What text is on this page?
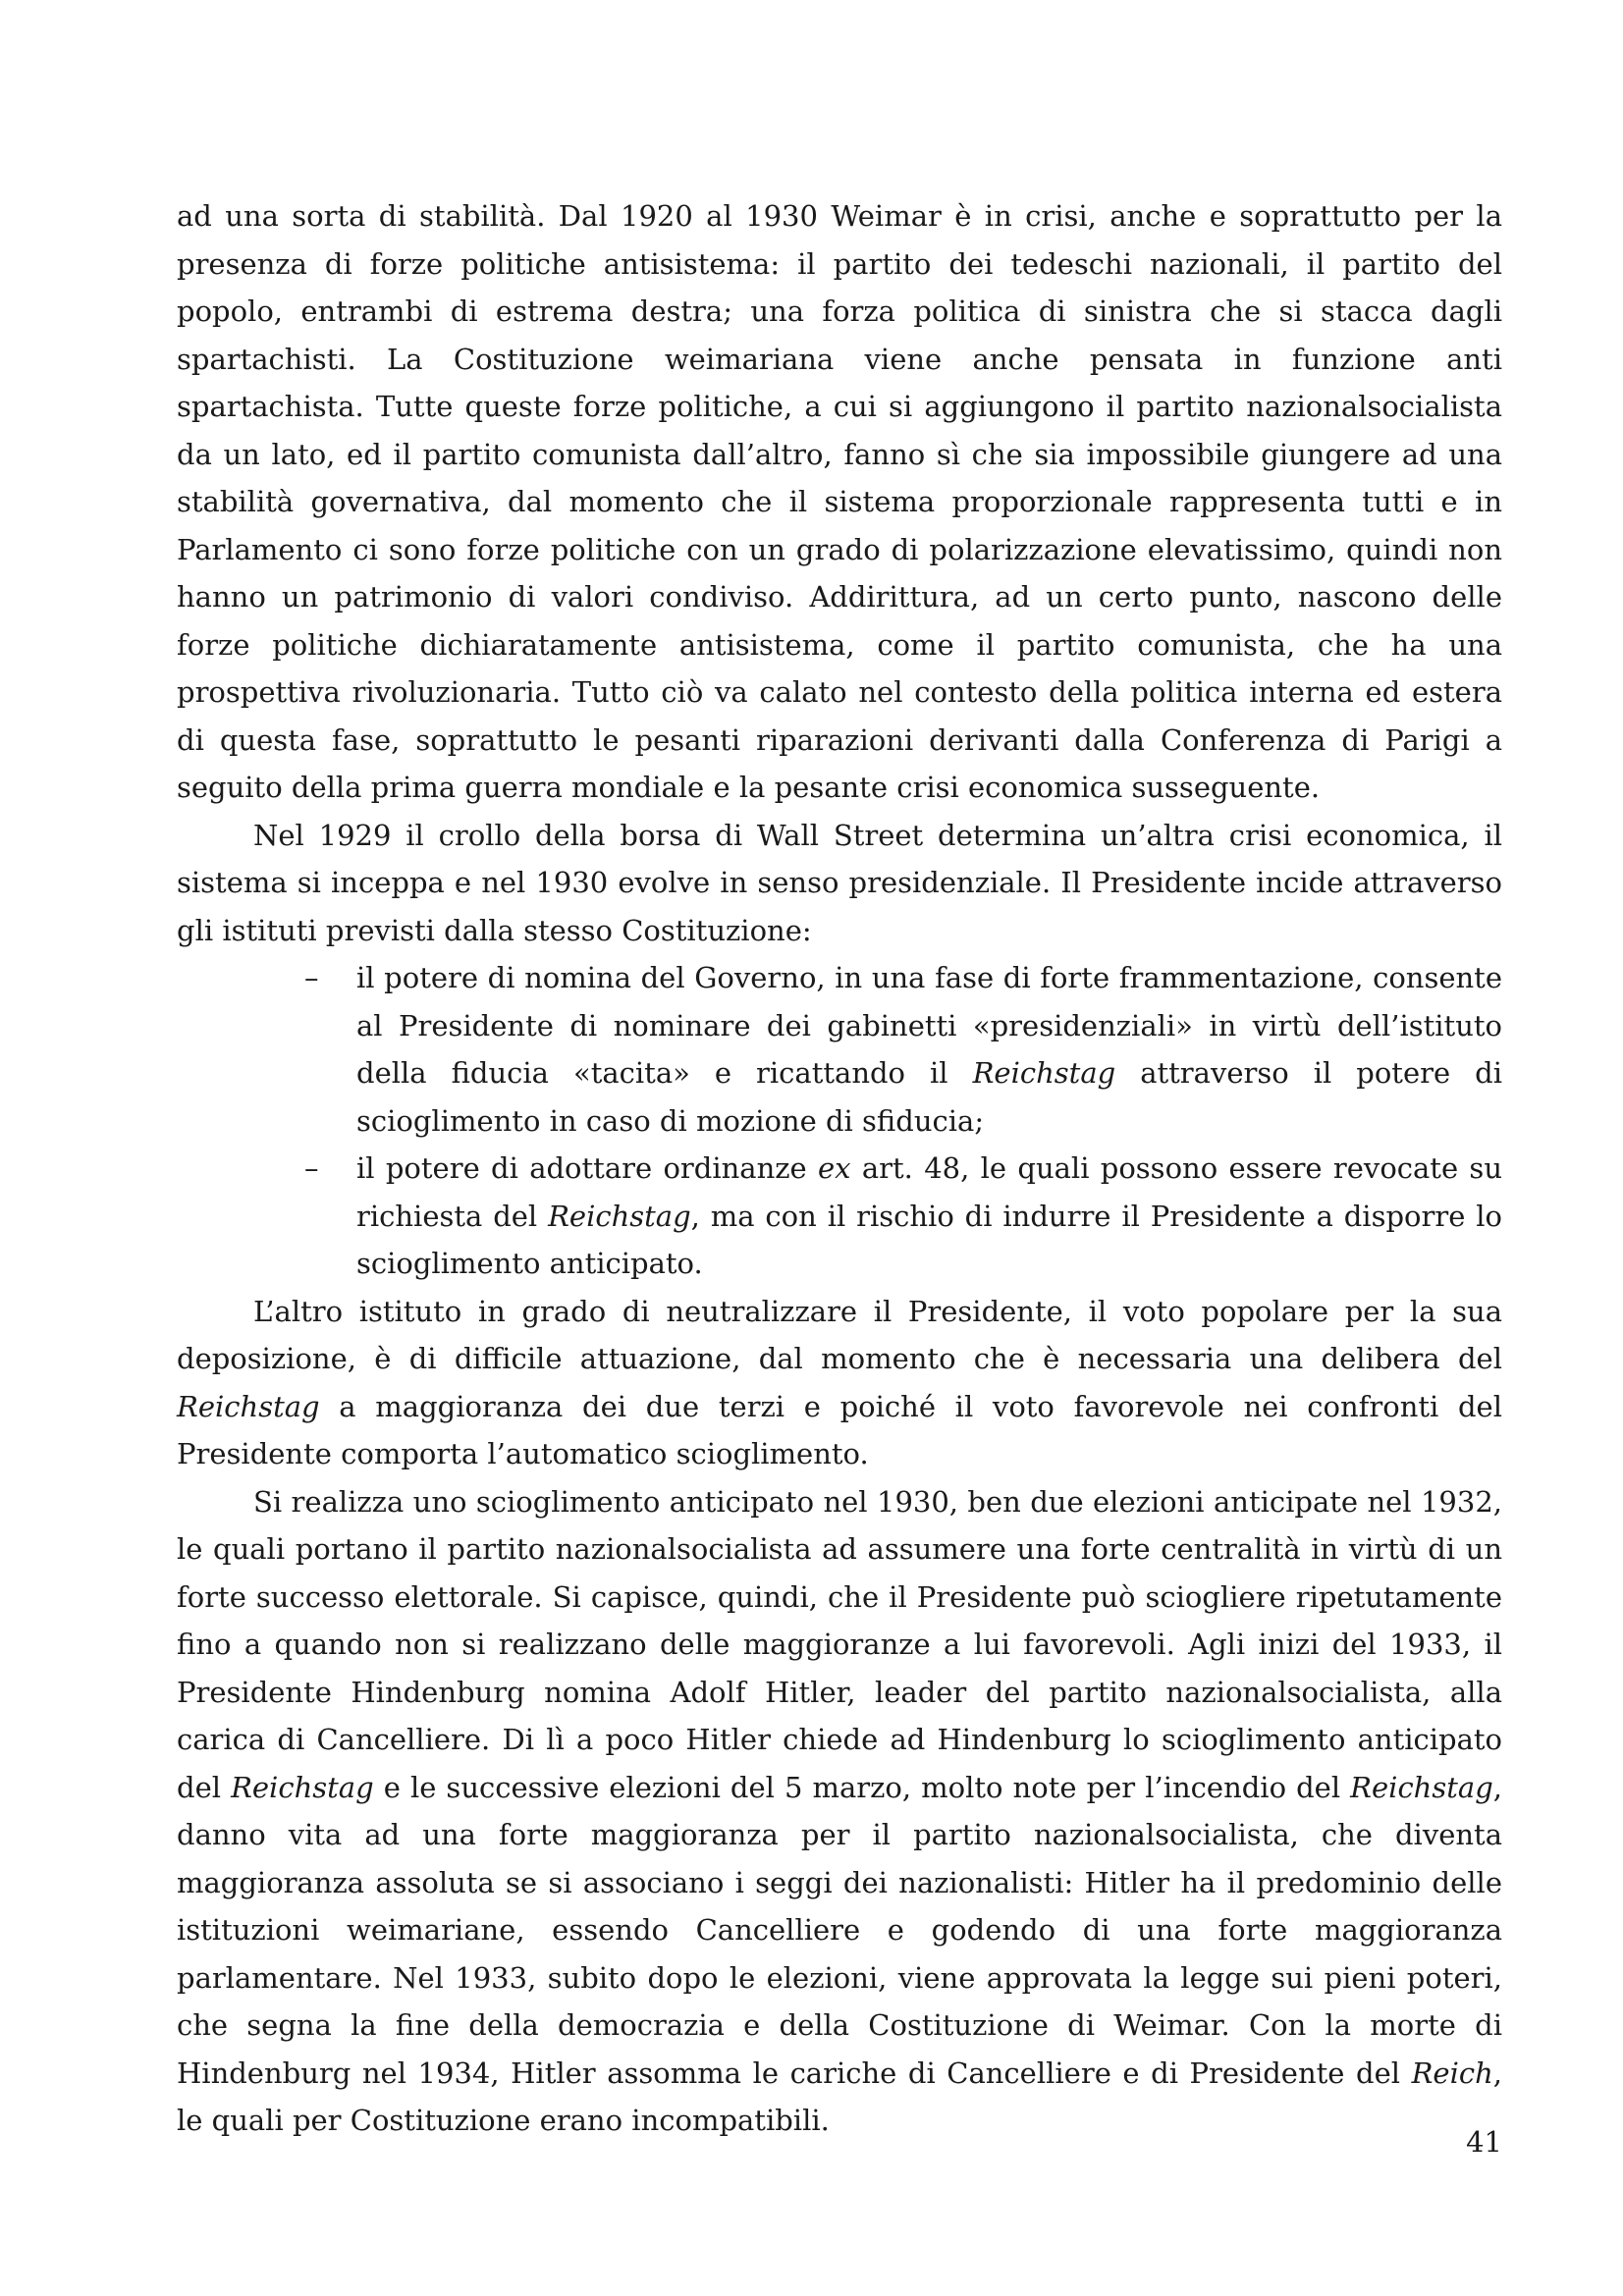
ad una sorta di stabilità. Dal 1920 al 1930 Weimar è in crisi, anche e soprattutto per la presenza di forze politiche antisistema: il partito dei tedeschi nazionali, il partito del popolo, entrambi di estrema destra; una forza politica di sinistra che si stacca dagli spartachisti. La Costituzione weimariana viene anche pensata in funzione anti spartachista. Tutte queste forze politiche, a cui si aggiungono il partito nazionalsocialista da un lato, ed il partito comunista dall’altro, fanno sì che sia impossibile giungere ad una stabilità governativa, dal momento che il sistema proporzionale rappresenta tutti e in Parlamento ci sono forze politiche con un grado di polarizzazione elevatissimo, quindi non hanno un patrimonio di valori condiviso. Addirittura, ad un certo punto, nascono delle forze politiche dichiaratamente antisistema, come il partito comunista, che ha una prospettiva rivoluzionaria. Tutto ciò va calato nel contesto della politica interna ed estera di questa fase, soprattutto le pesanti riparazioni derivanti dalla Conferenza di Parigi a seguito della prima guerra mondiale e la pesante crisi economica susseguente.

Nel 1929 il crollo della borsa di Wall Street determina un’altra crisi economica, il sistema si inceppa e nel 1930 evolve in senso presidenziale. Il Presidente incide attraverso gli istituti previsti dalla stesso Costituzione:

– il potere di nomina del Governo, in una fase di forte frammentazione, consente al Presidente di nominare dei gabinetti «presidenziali» in virtù dell’istituto della fiducia «tacita» e ricattando il Reichstag attraverso il potere di scioglimento in caso di mozione di sfiducia;
– il potere di adottare ordinanze ex art. 48, le quali possono essere revocate su richiesta del Reichstag, ma con il rischio di indurre il Presidente a disporre lo scioglimento anticipato.

L’altro istituto in grado di neutralizzare il Presidente, il voto popolare per la sua deposizione, è di difficile attuazione, dal momento che è necessaria una delibera del Reichstag a maggioranza dei due terzi e poiché il voto favorevole nei confronti del Presidente comporta l’automatico scioglimento.

Si realizza uno scioglimento anticipato nel 1930, ben due elezioni anticipate nel 1932, le quali portano il partito nazionalsocialista ad assumere una forte centralità in virtù di un forte successo elettorale. Si capisce, quindi, che il Presidente può sciogliere ripetutamente fino a quando non si realizzano delle maggioranze a lui favorevoli. Agli inizi del 1933, il Presidente Hindenburg nomina Adolf Hitler, leader del partito nazionalsocialista, alla carica di Cancelliere. Di lì a poco Hitler chiede ad Hindenburg lo scioglimento anticipato del Reichstag e le successive elezioni del 5 marzo, molto note per l’incendio del Reichstag, danno vita ad una forte maggioranza per il partito nazionalsocialista, che diventa maggioranza assoluta se si associano i seggi dei nazionalisti: Hitler ha il predominio delle istituzioni weimariane, essendo Cancelliere e godendo di una forte maggioranza parlamentare. Nel 1933, subito dopo le elezioni, viene approvata la legge sui pieni poteri, che segna la fine della democrazia e della Costituzione di Weimar. Con la morte di Hindenburg nel 1934, Hitler assomma le cariche di Cancelliere e di Presidente del Reich, le quali per Costituzione erano incompatibili.

41
